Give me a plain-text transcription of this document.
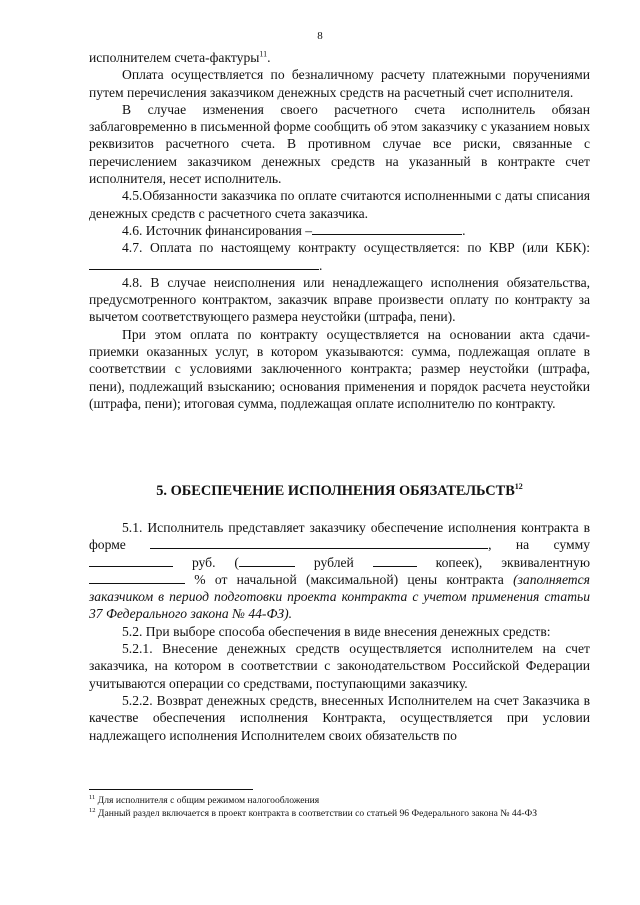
8

исполнителем счета-фактуры$^{11}$.

Оплата осуществляется по безналичному расчету платежными поручениями путем перечисления заказчиком денежных средств на расчетный счет исполнителя.

В случае изменения своего расчетного счета исполнитель обязан заблаговременно в письменной форме сообщить об этом заказчику с указанием новых реквизитов расчетного счета. В противном случае все риски, связанные с перечислением заказчиком денежных средств на указанный в контракте счет исполнителя, несет исполнитель.

4.5.Обязанности заказчика по оплате считаются исполненными с даты списания денежных средств с расчетного счета заказчика.

4.6. Источник финансирования –	.

4.7. Оплата по настоящему контракту осуществляется: по КВР (или КБК): .

4.8. В случае неисполнения или ненадлежащего исполнения обязательства, предусмотренного контрактом, заказчик вправе произвести оплату по контракту за вычетом соответствующего размера неустойки (штрафа, пени).

При этом оплата по контракту осуществляется на основании акта сдачи-приемки оказанных услуг, в котором указываются: сумма, подлежащая оплате в соответствии с условиями заключенного контракта; размер неустойки (штрафа, пени), подлежащий взысканию; основания применения и порядок расчета неустойки (штрафа, пени); итоговая сумма, подлежащая оплате исполнителю по контракту.

5. ОБЕСПЕЧЕНИЕ ИСПОЛНЕНИЯ ОБЯЗАТЕЛЬСТВ$^{12}$

5.1. Исполнитель представляет заказчику обеспечение исполнения контракта в форме	, на сумму  руб. (	рублей	копеек), эквивалентную  % от начальной (максимальной) цены контракта (заполняется заказчиком в период подготовки проекта контракта с учетом применения статьи 37 Федерального закона № 44-ФЗ).

5.2. При выборе способа обеспечения в виде внесения денежных средств:

5.2.1. Внесение денежных средств осуществляется исполнителем на счет заказчика, на котором в соответствии с законодательством Российской Федерации учитываются операции со средствами, поступающими заказчику.

5.2.2. Возврат денежных средств, внесенных Исполнителем на счет Заказчика в качестве обеспечения исполнения Контракта, осуществляется при условии надлежащего исполнения Исполнителем своих обязательств по

$^{11}$ Для исполнителя с общим режимом налогообложения
$^{12}$ Данный раздел включается в проект контракта в соответствии со статьей 96 Федерального закона № 44-ФЗ
